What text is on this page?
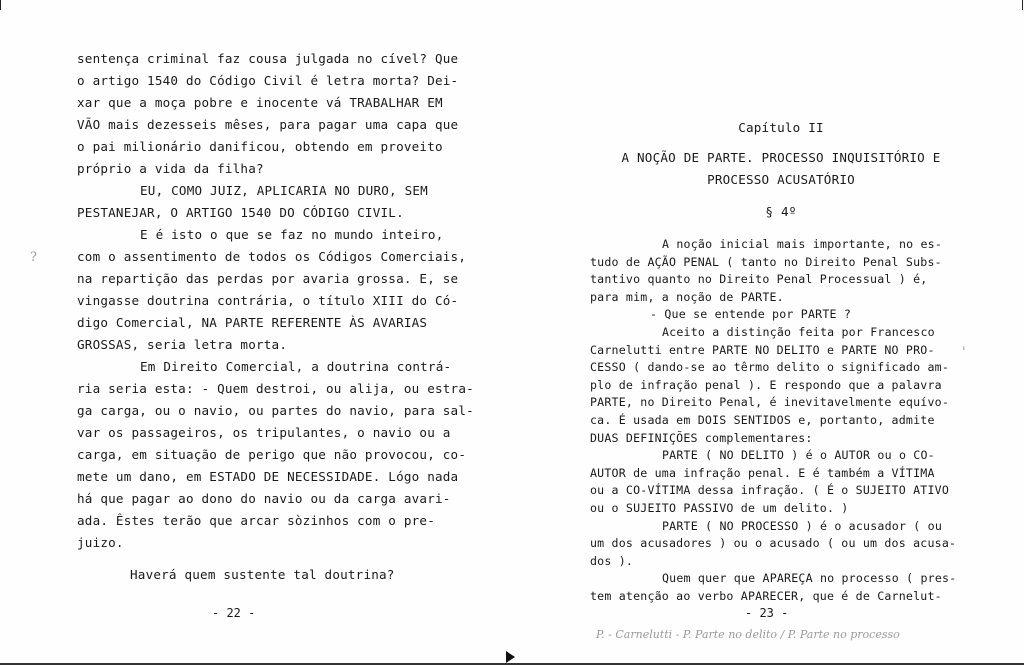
sentença criminal faz cousa julgada no cível? Que
o artigo 1540 do Código Civil é letra morta? Dei-
xar que a moça pobre e inocente vá TRABALHAR EM
VÃO mais dezesseis mêses, para pagar uma capa que
o pai milionário danificou, obtendo em proveito
próprio a vida da filha?
EU, COMO JUIZ, APLICARIA NO DURO, SEM
PESTANEJAR, O ARTIGO 1540 DO CÓDIGO CIVIL.
E é isto o que se faz no mundo inteiro,
com o assentimento de todos os Códigos Comerciais,
na repartição das perdas por avaria grossa. E, se
vingasse doutrina contrária, o título XIII do Có-
digo Comercial, NA PARTE REFERENTE ÀS AVARIAS
GROSSAS, seria letra morta.
Em Direito Comercial, a doutrina contrá-
ria seria esta: - Quem destroi, ou alija, ou estra-
ga carga, ou o navio, ou partes do navio, para sal-
var os passageiros, os tripulantes, o navio ou a
carga, em situação de perigo que não provocou, co-
mete um dano, em ESTADO DE NECESSIDADE. Lógo nada
há que pagar ao dono do navio ou da carga avari-
ada. Êstes terão que arcar sòzinhos com o pre-
juizo.
Haverá quem sustente tal doutrina?
?
- 22 -
Capítulo II
A NOÇÃO DE PARTE. PROCESSO INQUISITÓRIO E
PROCESSO ACUSATÓRIO
§ 4º
- 23 -
P. - Carnelutti - P. Parte no delito / P. Parte no processo
'
A noção inicial mais importante, no es-
tudo de AÇÃO PENAL ( tanto no Direito Penal Subs-
tantivo quanto no Direito Penal Processual ) é,
para mim, a noção de PARTE.
- Que se entende por PARTE ?
Aceito a distinção feita por Francesco
Carnelutti entre PARTE NO DELITO e PARTE NO PRO-
CESSO ( dando-se ao têrmo delito o significado am-
plo de infração penal ). E respondo que a palavra
PARTE, no Direito Penal, é inevitavelmente equívo-
ca. É usada em DOIS SENTIDOS e, portanto, admite
DUAS DEFINIÇÕES complementares:
PARTE ( NO DELITO ) é o AUTOR ou o CO-
AUTOR de uma infração penal. E é também a VÍTIMA
ou a CO-VÍTIMA dessa infração. ( É o SUJEITO ATIVO
ou o SUJEITO PASSIVO de um delito. )
PARTE ( NO PROCESSO ) é o acusador ( ou
um dos acusadores ) ou o acusado ( ou um dos acusa-
dos ).
Quem quer que APAREÇA no processo ( pres-
tem atenção ao verbo APARECER, que é de Carnelut-
